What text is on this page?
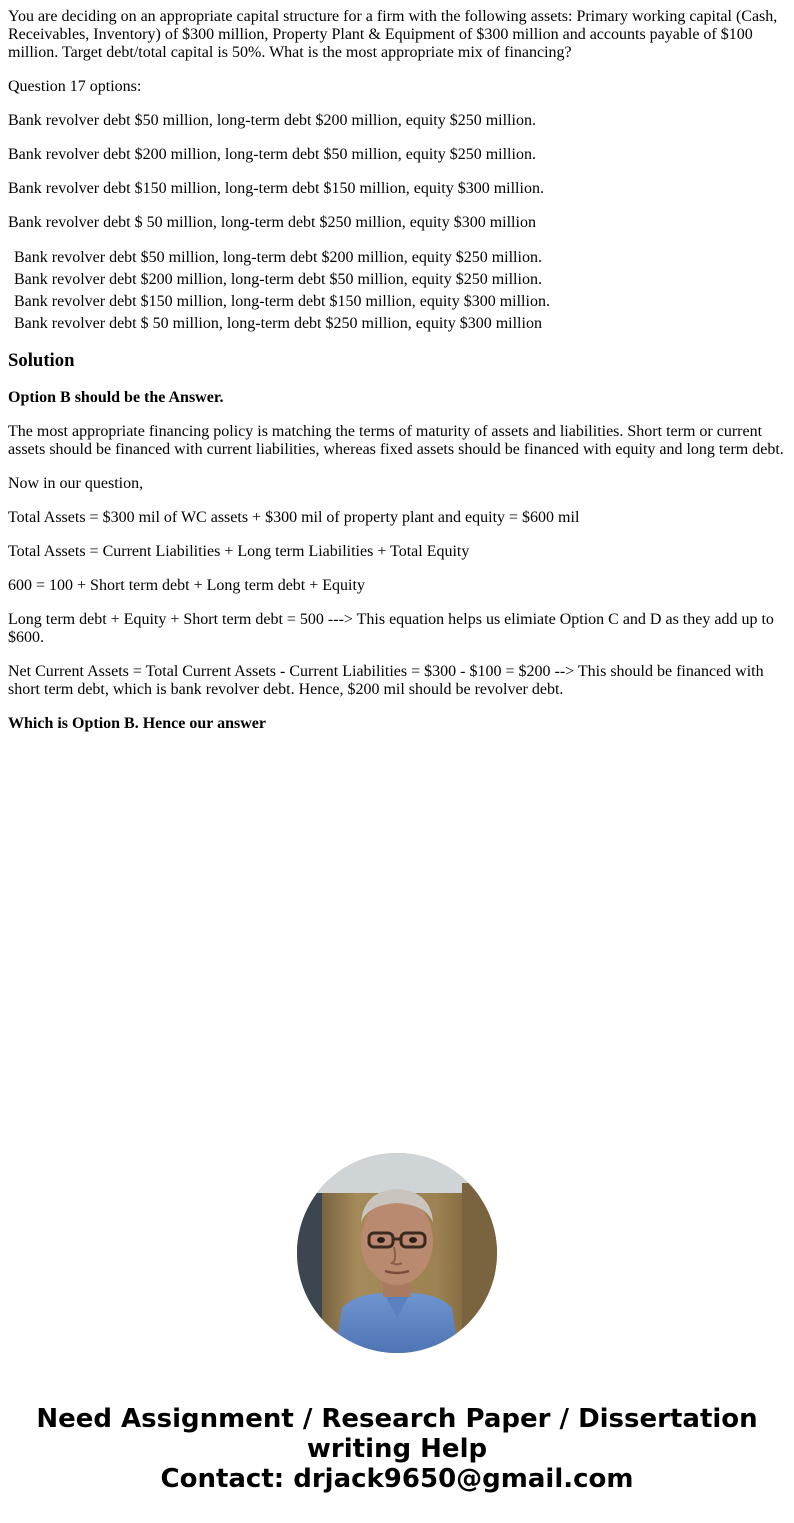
You are deciding on an appropriate capital structure for a firm with the following assets: Primary working capital (Cash, Receivables, Inventory) of $300 million, Property Plant & Equipment of $300 million and accounts payable of $100 million. Target debt/total capital is 50%. What is the most appropriate mix of financing?

Question 17 options:

Bank revolver debt $50 million, long-term debt $200 million, equity $250 million.

Bank revolver debt $200 million, long-term debt $50 million, equity $250 million.

Bank revolver debt $150 million, long-term debt $150 million, equity $300 million.

Bank revolver debt $ 50 million, long-term debt $250 million, equity $300 million

Bank revolver debt $50 million, long-term debt $200 million, equity $250 million.
Bank revolver debt $200 million, long-term debt $50 million, equity $250 million.
Bank revolver debt $150 million, long-term debt $150 million, equity $300 million.
Bank revolver debt $ 50 million, long-term debt $250 million, equity $300 million
Solution

Option B should be the Answer.

The most appropriate financing policy is matching the terms of maturity of assets and liabilities. Short term or current assets should be financed with current liabilities, whereas fixed assets should be financed with equity and long term debt.

Now in our question,

Total Assets = $300 mil of WC assets + $300 mil of property plant and equity = $600 mil

Total Assets = Current Liabilities + Long term Liabilities + Total Equity

600 = 100 + Short term debt + Long term debt + Equity

Long term debt + Equity + Short term debt = 500 ---> This equation helps us elimiate Option C and D as they add up to $600.

Net Current Assets = Total Current Assets - Current Liabilities = $300 - $100 = $200 --> This should be financed with short term debt, which is bank revolver debt. Hence, $200 mil should be revolver debt.

Which is Option B. Hence our answer

Need Assignment / Research Paper / Dissertation
writing Help
Contact: drjack9650@gmail.com
